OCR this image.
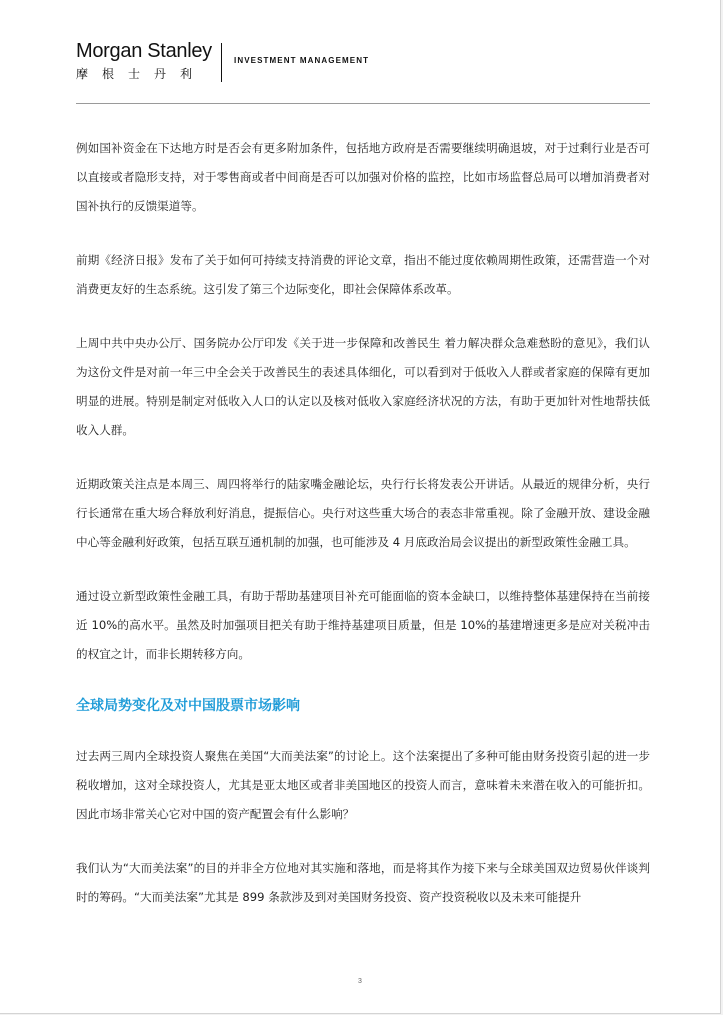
Morgan Stanley
摩根士丹利
INVESTMENT MANAGEMENT

例如国补资金在下达地方时是否会有更多附加条件，包括地方政府是否需要继续明确退坡，对于过剩行业是否可以直接或者隐形支持，对于零售商或者中间商是否可以加强对价格的监控，比如市场监督总局可以增加消费者对国补执行的反馈渠道等。

前期《经济日报》发布了关于如何可持续支持消费的评论文章，指出不能过度依赖周期性政策，还需营造一个对消费更友好的生态系统。这引发了第三个边际变化，即社会保障体系改革。

上周中共中央办公厅、国务院办公厅印发《关于进一步保障和改善民生 着力解决群众急难愁盼的意见》，我们认为这份文件是对前一年三中全会关于改善民生的表述具体细化，可以看到对于低收入人群或者家庭的保障有更加明显的进展。特别是制定对低收入人口的认定以及核对低收入家庭经济状况的方法，有助于更加针对性地帮扶低收入人群。

近期政策关注点是本周三、周四将举行的陆家嘴金融论坛，央行行长将发表公开讲话。从最近的规律分析，央行行长通常在重大场合释放利好消息，提振信心。央行对这些重大场合的表态非常重视。除了金融开放、建设金融中心等金融利好政策，包括互联互通机制的加强，也可能涉及 4 月底政治局会议提出的新型政策性金融工具。

通过设立新型政策性金融工具，有助于帮助基建项目补充可能面临的资本金缺口，以维持整体基建保持在当前接近 10%的高水平。虽然及时加强项目把关有助于维持基建项目质量，但是 10%的基建增速更多是应对关税冲击的权宜之计，而非长期转移方向。

全球局势变化及对中国股票市场影响

过去两三周内全球投资人聚焦在美国“大而美法案”的讨论上。这个法案提出了多种可能由财务投资引起的进一步税收增加，这对全球投资人，尤其是亚太地区或者非美国地区的投资人而言，意味着未来潜在收入的可能折扣。因此市场非常关心它对中国的资产配置会有什么影响？

我们认为“大而美法案”的目的并非全方位地对其实施和落地，而是将其作为接下来与全球美国双边贸易伙伴谈判时的筹码。“大而美法案”尤其是 899 条款涉及到对美国财务投资、资产投资税收以及未来可能提升

3
